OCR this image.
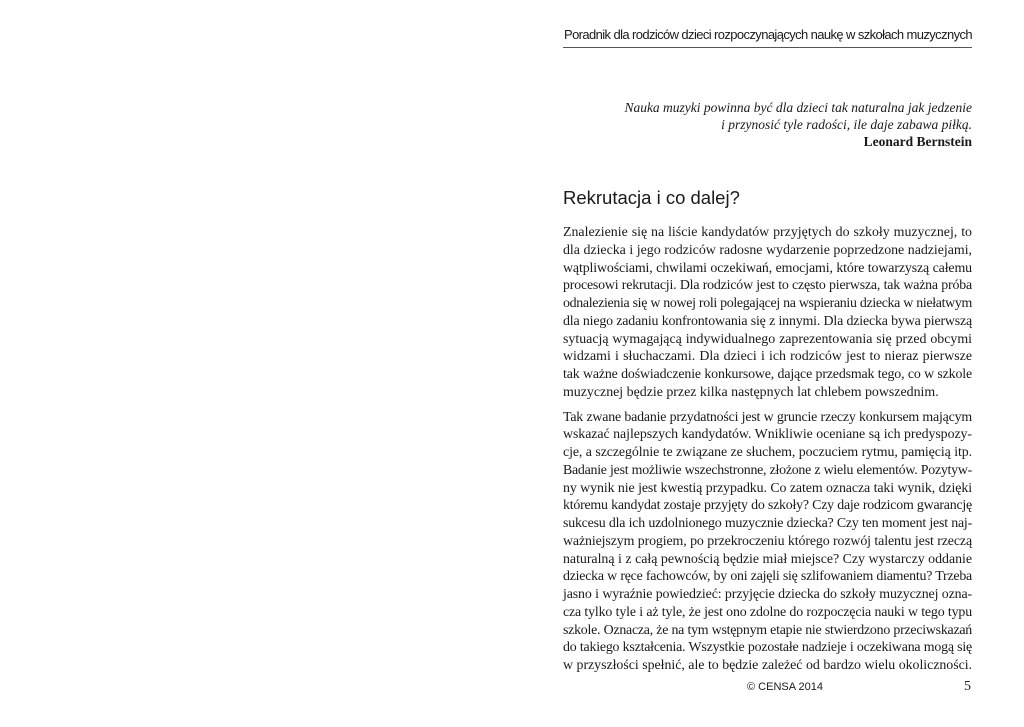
Poradnik dla rodziców dzieci rozpoczynających naukę w szkołach muzycznych
Nauka muzyki powinna być dla dzieci tak naturalna jak jedzenie
i przynosić tyle radości, ile daje zabawa piłką.
Leonard Bernstein
Rekrutacja i co dalej?

Znalezienie się na liście kandydatów przyjętych do szkoły muzycznej, to
dla dziecka i jego rodziców radosne wydarzenie poprzedzone nadziejami,
wątpliwościami, chwilami oczekiwań, emocjami, które towarzyszą całemu
procesowi rekrutacji. Dla rodziców jest to często pierwsza, tak ważna próba
odnalezienia się w nowej roli polegającej na wspieraniu dziecka w niełatwym
dla niego zadaniu konfrontowania się z innymi. Dla dziecka bywa pierwszą
sytuacją wymagającą indywidualnego zaprezentowania się przed obcymi
widzami i słuchaczami. Dla dzieci i ich rodziców jest to nieraz pierwsze
tak ważne doświadczenie konkursowe, dające przedsmak tego, co w szkole
muzycznej będzie przez kilka następnych lat chlebem powszednim.

Tak zwane badanie przydatności jest w gruncie rzeczy konkursem mającym
wskazać najlepszych kandydatów. Wnikliwie oceniane są ich predyspozy-
cje, a szczególnie te związane ze słuchem, poczuciem rytmu, pamięcią itp.
Badanie jest możliwie wszechstronne, złożone z wielu elementów. Pozytyw-
ny wynik nie jest kwestią przypadku. Co zatem oznacza taki wynik, dzięki
któremu kandydat zostaje przyjęty do szkoły? Czy daje rodzicom gwarancję
sukcesu dla ich uzdolnionego muzycznie dziecka? Czy ten moment jest naj-
ważniejszym progiem, po przekroczeniu którego rozwój talentu jest rzeczą
naturalną i z całą pewnością będzie miał miejsce? Czy wystarczy oddanie
dziecka w ręce fachowców, by oni zajęli się szlifowaniem diamentu? Trzeba
jasno i wyraźnie powiedzieć: przyjęcie dziecka do szkoły muzycznej ozna-
cza tylko tyle i aż tyle, że jest ono zdolne do rozpoczęcia nauki w tego typu
szkole. Oznacza, że na tym wstępnym etapie nie stwierdzono przeciwskazań
do takiego kształcenia. Wszystkie pozostałe nadzieje i oczekiwana mogą się
w przyszłości spełnić, ale to będzie zależeć od bardzo wielu okoliczności.

© CENSA 2014	5
